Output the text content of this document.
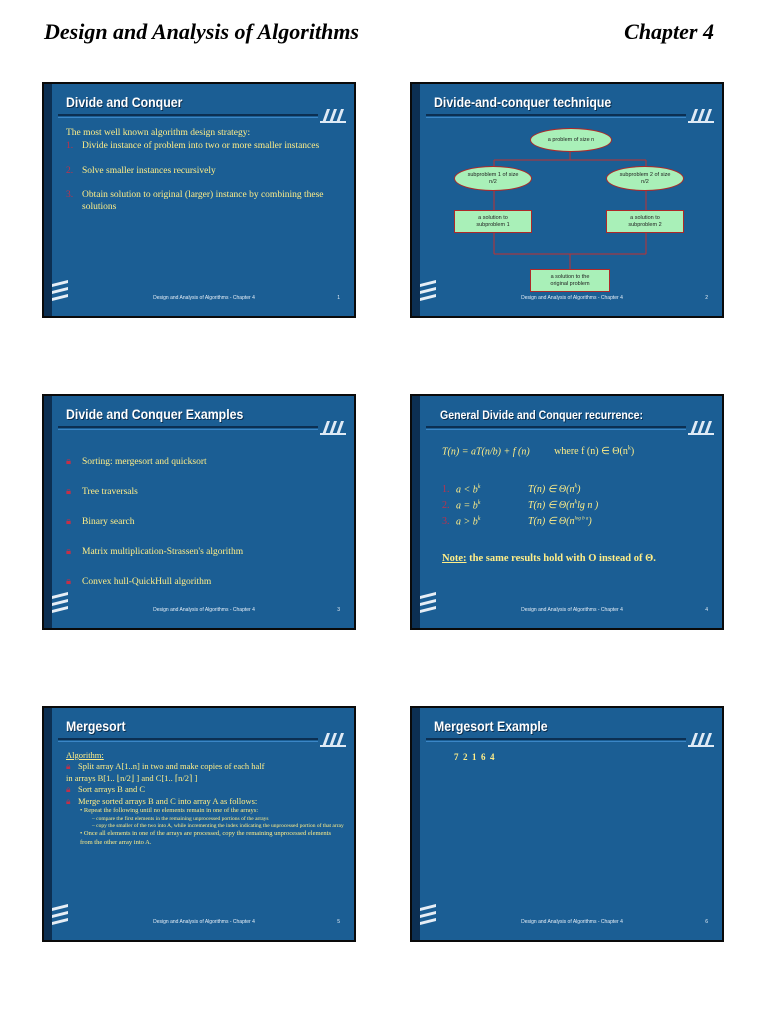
Design and Analysis of Algorithms	Chapter 4
Divide and Conquer
The most well known algorithm design strategy:
1. Divide instance of problem into two or more smaller instances
2. Solve smaller instances recursively
3. Obtain solution to original (larger) instance by combining these solutions
Design and Analysis of Algorithms - Chapter 4	1
Divide-and-conquer technique
a problem of size n
subproblem 1 of size n/2
subproblem 2 of size n/2
a solution to subproblem 1
a solution to subproblem 2
a solution to the original problem
Design and Analysis of Algorithms - Chapter 4	2
Divide and Conquer Examples
🔒︎ Sorting: mergesort and quicksort
🔒︎ Tree traversals
🔒︎ Binary search
🔒︎ Matrix multiplication-Strassen's algorithm
🔒︎ Convex hull-QuickHull algorithm
Design and Analysis of Algorithms - Chapter 4	3
General Divide and Conquer recurrence:
T(n) = aT(n/b) + f (n) where f (n) ∈ $\Theta(n^k)$
1. $a < b^k$	T(n) ∈ $\Theta(n^k)$
2. $a = b^k$	T(n) ∈ $\Theta(n^k\lg$ n )
3. $a > b^k$	T(n) ∈ $\Theta(n^{log b a})$
Note: the same results hold with O instead of Θ.
Design and Analysis of Algorithms - Chapter 4	4
Mergesort
Algorithm:
🔒︎ Split array A[1..n] in two and make copies of each half
in arrays B[1.. ⌊n/2⌋ ] and C[1.. ⌈n/2⌉ ]
🔒︎ Sort arrays B and C
🔒︎ Merge sorted arrays B and C into array A as follows:
• Repeat the following until no elements remain in one of the arrays:
– compare the first elements in the remaining unprocessed portions of the arrays
– copy the smaller of the two into A, while incrementing the index indicating the unprocessed portion of that array
• Once all elements in one of the arrays are processed, copy the remaining unprocessed elements from the other array into A.
Design and Analysis of Algorithms - Chapter 4	5
Mergesort Example
7  2  1  6  4
Design and Analysis of Algorithms - Chapter 4	6
